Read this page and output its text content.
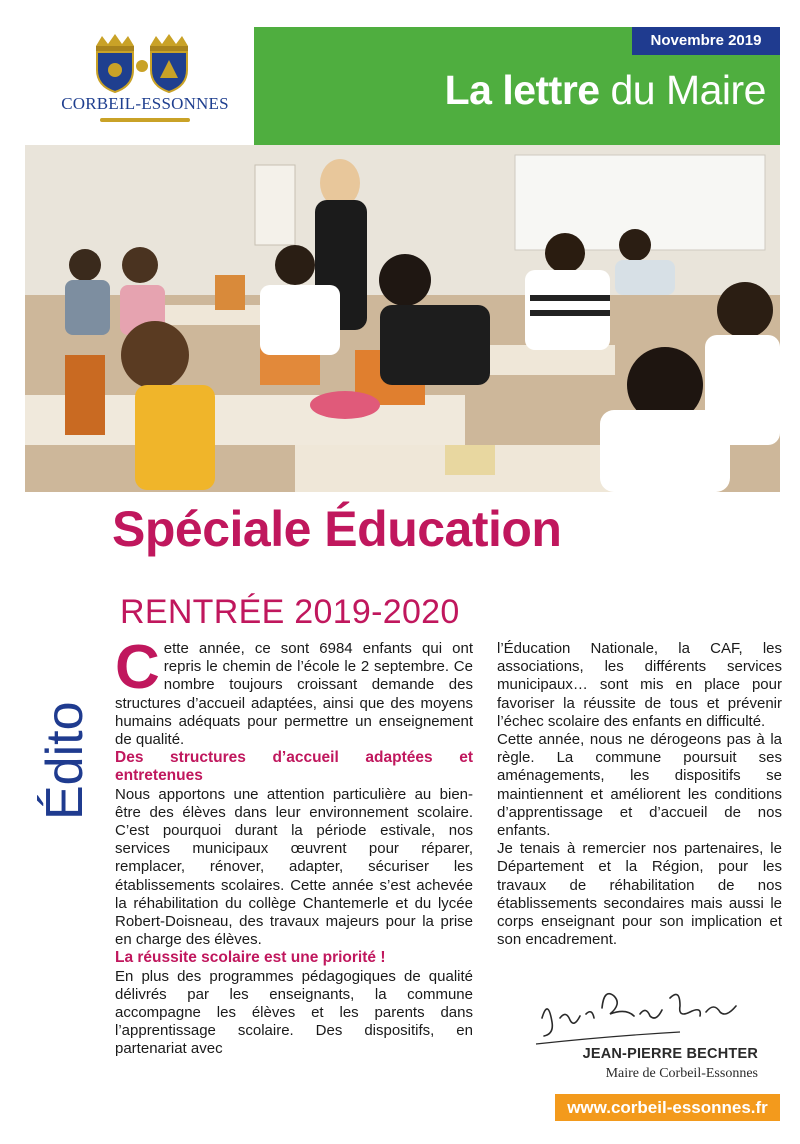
CORBEIL-ESSONNES
Novembre 2019
La lettre du Maire
Spéciale Éducation
Édito
RENTRÉE 2019-2020

Cette année, ce sont 6984 enfants qui ont repris le chemin de l’école le 2 septembre. Ce nombre toujours croissant demande des structures d’accueil adaptées, ainsi que des moyens humains adéquats pour permettre un enseignement de qualité.

Des structures d’accueil adaptées et entretenues

Nous apportons une attention particulière au bien-être des élèves dans leur environnement scolaire. C’est pourquoi durant la période estivale, nos services municipaux œuvrent pour réparer, remplacer, rénover, adapter, sécuriser les établissements scolaires. Cette année s’est achevée la réhabilitation du collège Chantemerle et du lycée Robert-Doisneau, des travaux majeurs pour la prise en charge des élèves.

La réussite scolaire est une priorité !

En plus des programmes pédagogiques de qualité délivrés par les enseignants, la commune accompagne les élèves et les parents dans l’apprentissage scolaire. Des dispositifs, en partenariat avec

l’Éducation Nationale, la CAF, les associations, les différents services municipaux… sont mis en place pour favoriser la réussite de tous et prévenir l’échec scolaire des enfants en difficulté.

Cette année, nous ne dérogeons pas à la règle. La commune poursuit ses aménagements, les dispositifs se maintiennent et améliorent les conditions d’apprentissage et d’accueil de nos enfants.

Je tenais à remercier nos partenaires, le Département et la Région, pour les travaux de réhabilitation de nos établissements secondaires mais aussi le corps enseignant pour son implication et son encadrement.

JEAN-PIERRE BECHTER
Maire de Corbeil-Essonnes
www.corbeil-essonnes.fr
